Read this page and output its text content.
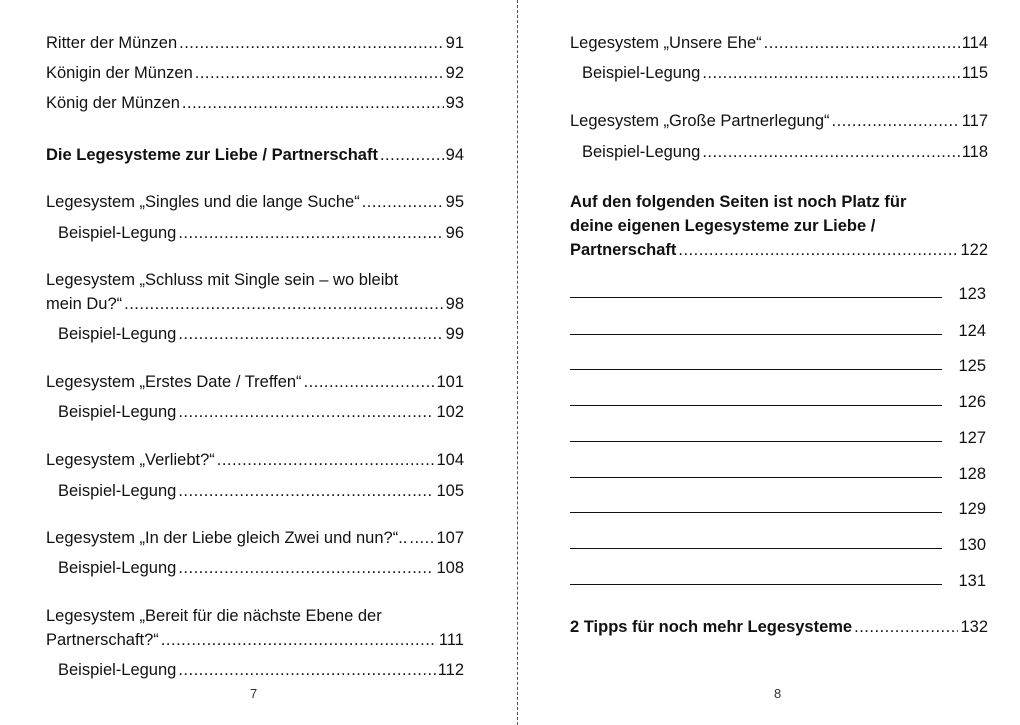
Ritter der Münzen .....	91
Königin der Münzen .....	92
König der Münzen .....	93
Die Legesysteme zur Liebe / Partnerschaft .....	94
Legesystem „Singles und die lange Suche“ .....	95
Beispiel-Legung .....	96
Legesystem „Schluss mit Single sein – wo bleibt
mein Du?“ .....	98
Beispiel-Legung .....	99
Legesystem „Erstes Date / Treffen“ .....	101
Beispiel-Legung .....	102
Legesystem „Verliebt?“ .....	104
Beispiel-Legung .....	105
Legesystem „In der Liebe gleich Zwei und nun?“.. ..... 107
Beispiel-Legung .....	108
Legesystem „Bereit für die nächste Ebene der
Partnerschaft?“ .....	111
Beispiel-Legung .....	112
7
Legesystem „Unsere Ehe“ .....	114
Beispiel-Legung .....	115
Legesystem „Große Partnerlegung“ .....	117
Beispiel-Legung .....	118
Auf den folgenden Seiten ist noch Platz für
deine eigenen Legesysteme zur Liebe /
Partnerschaft .....	122
123
124
125
126
127
128
129
130
131
2 Tipps für noch mehr Legesysteme .....	132
8
